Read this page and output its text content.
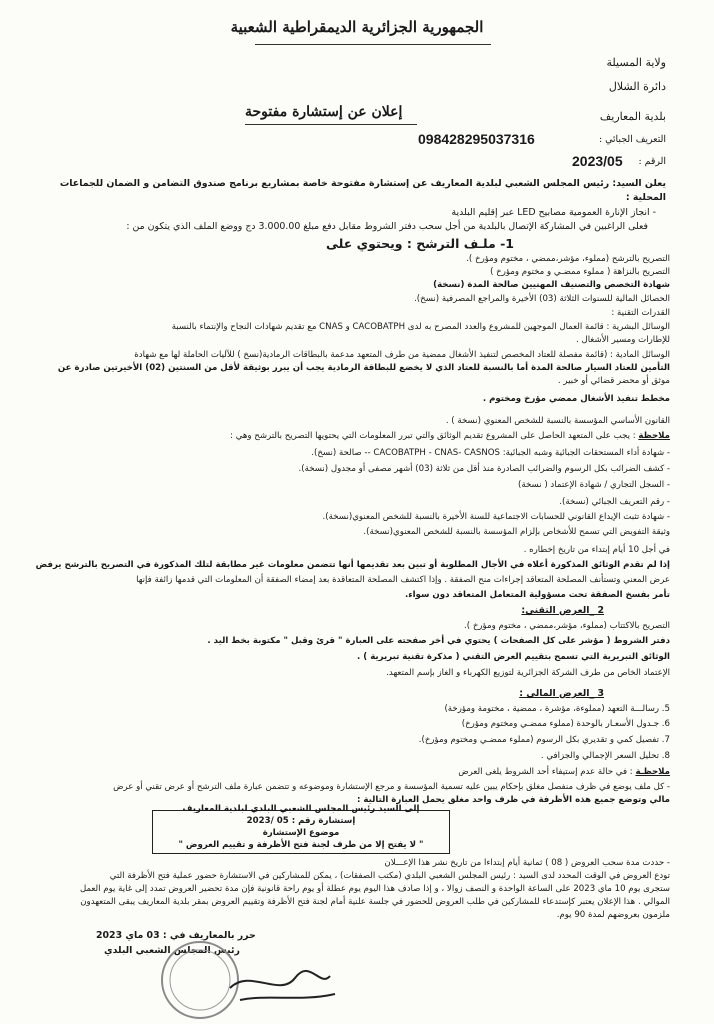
الجمهورية الجزائرية الديمقراطية الشعبية
ولاية المسيلة
دائرة الشلال
بلدية المعاريف
إعلان عن إستشارة مفتوحة
التعريف الجبائي :
09842829503731‎6
الرقم :
2023/05
يعلن السيد: رئيس المجلس الشعبي لبلدية المعاريف عن إستشارة مفتوحة خاصة بمشاريع برنامج صندوق التضامن و الضمان للجماعات
المحلية :
- انجاز الإنارة العمومية مصابيح LED عبر إقليم البلدية
فعلى الراغبين في المشاركة الإتصال بالبلدية من أجل سحب دفتر الشروط مقابل دفع مبلغ 3.000.00 دج ووضع الملف الذي يتكون من :
1- ملـف الترشح : ويحتوي على
التصريح بالترشح (مملوء، مؤشر،ممضي ، مختوم ومؤرخ ).
التصريح بالنزاهة ( مملوء ممضـي و مختوم ومؤرخ )
شهادة التخصص والتصنيف المهنيين صالحة المدة (نسخة)
الحصائل المالية للسنوات الثلاثة (03) الأخيرة والمراجع المصرفية (نسخ).
القدرات التقنية :
الوسائل البشرية : قائمة العمال الموجهين للمشروع والعدد المصرح به لدى CACOBATPH و CNAS مع تقديم شهادات النجاح والإنتماء بالنسبة
للإطارات ومسير الأشغال .
الوسائل المادية : (قائمة مفصلة للعتاد المخصص لتنفيذ الأشغال ممضية من طرف المتعهد مدعمة بالبطاقات الرمادية(نسخ ) للآليات الحاملة لها مع شهادة
التأمين للعتاد السيار صالحة المدة أما بالنسبة للعتاد الذي لا يخضع للبطاقة الرمادية يجب أن يبرر بوثيقة لأقل من السنتين (02) الأخيرتين صادرة عن
موثق أو محضر قضائي أو خبير .
مخطط تنفيذ الأشغال ممضي مؤرخ ومختوم .
القانون الأساسي المؤسسة بالنسبة للشخص المعنوي (نسخة ) .
ملاحظة : يجب على المتعهد الحاصل على المشروع تقديم الوثائق والتي تبرر المعلومات التي يحتويها التصريح بالترشح وهي :
- شهادة أداء المستحقات الجبائية وشبه الجبائية: CACOBATPH - CNAS- CASNOS -- صالحة (نسخ).
- كشف الضرائب بكل الرسوم والضرائب الصادرة منذ أقل من ثلاثة (03) أشهر مصفى أو مجدول (نسخة).
- السجل التجاري / شهادة الإعتماد ( نسخة)
- رقم التعريف الجبائي (نسخة).
- شهادة تثبت الإيداع القانوني للحسابات الاجتماعية للسنة الأخيرة بالنسبة للشخص المعنوي(نسخة).
وثيقة التفويض التي تسمح للأشخاص بإلزام المؤسسة بالنسبة للشخص المعنوي(نسخة).
في أجل 10 أيام إبتداء من تاريخ إخطاره .
إذا لم تقدم الوثائق المذكورة أعلاه في الأجال المطلوبة أو تبين بعد تقديمها أنها تتضمن معلومات غير مطابقة لتلك المذكورة في التصريح بالترشح يرفض
عرض المعني وتستأنف المصلحة المتعاقد إجراءات منح الصفقة . وإذا اكتشف المصلحة المتعاقدة بعد إمضاء الصفقة أن المعلومات التي قدمها زائفة فإنها
تأمر بفسخ الصفقة تحت مسؤولية المتعامل المتعاقد دون سواء.
2 _العرض التقني:
التصريح بالاكتتاب (مملوء، مؤشر،ممضي ، مختوم ومؤرخ ).
دفتر الشروط ( مؤشر على كل الصفحات ) يحتوي في أخر صفحته على العبارة " قرئ وقبل " مكتوبة بخط اليد .
الوثائق التبريرية التي تسمح بتقييم العرض التقني ( مذكرة تقنية تبريرية ) .
الإعتماد الخاص من طرف الشركة الجزائرية لتوزيع الكهرباء و الغاز بإسم المتعهد.
3 _العرض المالي :
5. رسالـــة التعهد (مملوءة، مؤشرة ، ممضية ، مختومة ومؤرخة)
6. جـدول الأسعـار بالوحدة (مملوء ممضـي ومختوم ومؤرخ)
7. تفصيل كمي و تقديري بكل الرسوم (مملوء ممضـي ومختوم ومؤرخ).
8. تحليل السعر الإجمالي والجزافي .
ملاحظـة : في حالة عدم إستيفاء أحد الشروط يلغى العرض
- كل ملف يوضع في ظرف منفصل مغلق بإحكام يبين عليه تسمية المؤسسة و مرجع الإستشارة وموضوعه و تتضمن عبارة ملف الترشح أو عرض تقني أو عرض
مالي وتوضع جميع هذه الأظرفة في ظرف واحد مغلق يحمل العبارة التالية :
إلى السيد رئيس المجلس الشعبي البلدي لبلدية المعاريف
إستشارة رقم : 05 /2023
موضوع الإستشارة
" لا يفتح إلا من طرف لجنة فتح الأظرفة و تقييم العروض "
- حددت مدة سحب العروض ( 08 ) ثمانية أيام إبتداءا من تاريخ نشر هذا الإعـــلان
تودع العروض في الوقت المحدد لدى السيد : رئيس المجلس الشعبي البلدي (مكتب الصفقات) ، يمكن للمشاركين في الاستشارة حضور عملية فتح الأظرفة التي
ستجرى يوم 10 ماي 2023 على الساعة الواحدة و النصف زوالا ، و إذا صادف هذا اليوم يوم عطلة أو يوم راحة قانونية فإن مدة تحضير العروض تمدد إلى غاية يوم العمل
الموالي . هذا الإعلان يعتبر كإستدعاء للمشاركين في طلب العروض للحضور في جلسة علنية أمام لجنة فتح الأظرفة وتقييم العروض بمقر بلدية المعاريف يبقى المتعهدون
ملزمون بعروضهم لمدة 90 يوم.
حرر بالمعاريف في : 03 ماي 2023
رئيس المجلس الشعبي البلدي
